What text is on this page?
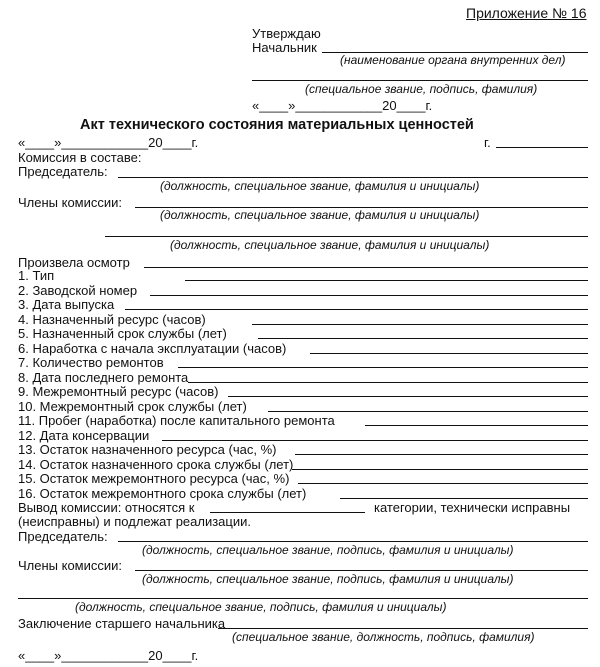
Приложение № 16
Утверждаю
Начальник
(наименование органа внутренних дел)
(специальное звание, подпись, фамилия)
«____»____________20____г.
Акт технического состояния материальных ценностей
«____»____________20____г.	г.
Комиссия в составе:
Председатель:
(должность, специальное звание, фамилия и инициалы)
Члены комиссии:
(должность, специальное звание, фамилия и инициалы)
(должность, специальное звание, фамилия и инициалы)
Произвела осмотр
1. Тип
2. Заводской номер
3. Дата выпуска
4. Назначенный ресурс (часов)
5. Назначенный срок службы (лет)
6. Наработка с начала эксплуатации (часов)
7. Количество ремонтов
8. Дата последнего ремонта
9. Межремонтный ресурс (часов)
10. Межремонтный срок службы (лет)
11. Пробег (наработка) после капитального ремонта
12. Дата консервации
13. Остаток назначенного ресурса (час, %)
14. Остаток назначенного срока службы (лет)
15. Остаток межремонтного ресурса (час, %)
16. Остаток межремонтного срока службы (лет)
Вывод комиссии: относятся к	категории, технически исправны
(неисправны) и подлежат реализации.
Председатель:
(должность, специальное звание, подпись, фамилия и инициалы)
Члены комиссии:
(должность, специальное звание, подпись, фамилия и инициалы)
(должность, специальное звание, подпись, фамилия и инициалы)
Заключение старшего начальника
(специальное звание, должность, подпись, фамилия)
«____»____________20____г.
